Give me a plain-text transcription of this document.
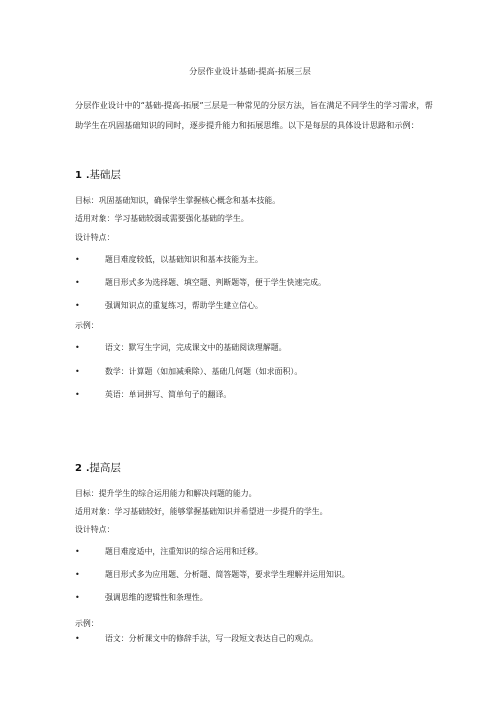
分层作业设计基础-提高-拓展三层
分层作业设计中的“基础-提高-拓展”三层是一种常见的分层方法，旨在满足不同学生的学习需求，帮助学生在巩固基础知识的同时，逐步提升能力和拓展思维。以下是每层的具体设计思路和示例：
1 .基础层
目标：巩固基础知识，确保学生掌握核心概念和基本技能。
适用对象：学习基础较弱或需要强化基础的学生。
设计特点：
•	题目难度较低，以基础知识和基本技能为主。
•	题目形式多为选择题、填空题、判断题等，便于学生快速完成。
•	强调知识点的重复练习，帮助学生建立信心。
示例：
•	语文：默写生字词，完成课文中的基础阅读理解题。
•	数学：计算题（如加减乘除）、基础几何题（如求面积）。
•	英语：单词拼写、简单句子的翻译。
2 .提高层
目标：提升学生的综合运用能力和解决问题的能力。
适用对象：学习基础较好，能够掌握基础知识并希望进一步提升的学生。
设计特点：
•	题目难度适中，注重知识的综合运用和迁移。
•	题目形式多为应用题、分析题、简答题等，要求学生理解并运用知识。
•	强调思维的逻辑性和条理性。
示例：
•	语文：分析课文中的修辞手法，写一段短文表达自己的观点。
